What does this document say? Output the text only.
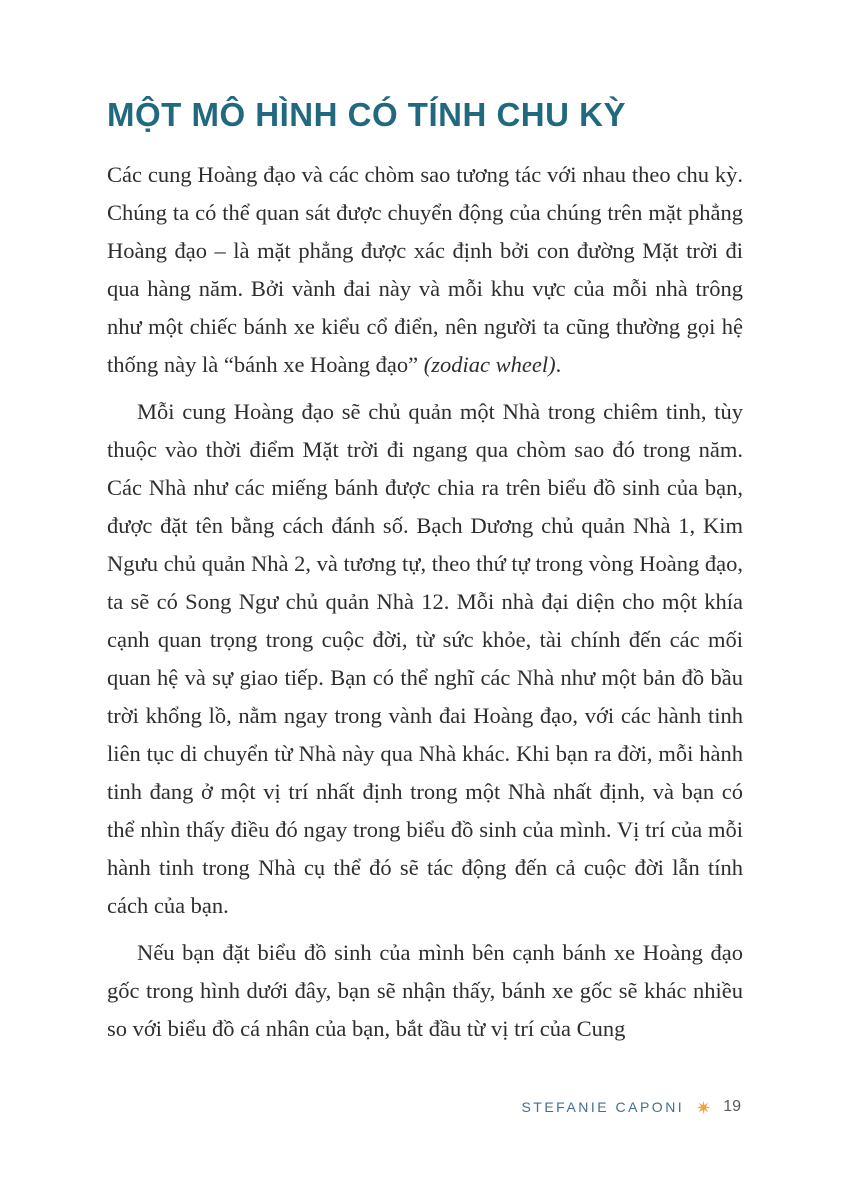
MỘT MÔ HÌNH CÓ TÍNH CHU KỲ

Các cung Hoàng đạo và các chòm sao tương tác với nhau theo chu kỳ. Chúng ta có thể quan sát được chuyển động của chúng trên mặt phẳng Hoàng đạo – là mặt phẳng được xác định bởi con đường Mặt trời đi qua hàng năm. Bởi vành đai này và mỗi khu vực của mỗi nhà trông như một chiếc bánh xe kiểu cổ điển, nên người ta cũng thường gọi hệ thống này là “bánh xe Hoàng đạo” (zodiac wheel).

Mỗi cung Hoàng đạo sẽ chủ quản một Nhà trong chiêm tinh, tùy thuộc vào thời điểm Mặt trời đi ngang qua chòm sao đó trong năm. Các Nhà như các miếng bánh được chia ra trên biểu đồ sinh của bạn, được đặt tên bằng cách đánh số. Bạch Dương chủ quản Nhà 1, Kim Ngưu chủ quản Nhà 2, và tương tự, theo thứ tự trong vòng Hoàng đạo, ta sẽ có Song Ngư chủ quản Nhà 12. Mỗi nhà đại diện cho một khía cạnh quan trọng trong cuộc đời, từ sức khỏe, tài chính đến các mối quan hệ và sự giao tiếp. Bạn có thể nghĩ các Nhà như một bản đồ bầu trời khổng lồ, nằm ngay trong vành đai Hoàng đạo, với các hành tinh liên tục di chuyển từ Nhà này qua Nhà khác. Khi bạn ra đời, mỗi hành tinh đang ở một vị trí nhất định trong một Nhà nhất định, và bạn có thể nhìn thấy điều đó ngay trong biểu đồ sinh của mình. Vị trí của mỗi hành tinh trong Nhà cụ thể đó sẽ tác động đến cả cuộc đời lẫn tính cách của bạn.

Nếu bạn đặt biểu đồ sinh của mình bên cạnh bánh xe Hoàng đạo gốc trong hình dưới đây, bạn sẽ nhận thấy, bánh xe gốc sẽ khác nhiều so với biểu đồ cá nhân của bạn, bắt đầu từ vị trí của Cung

STEFANIE CAPONI 19
